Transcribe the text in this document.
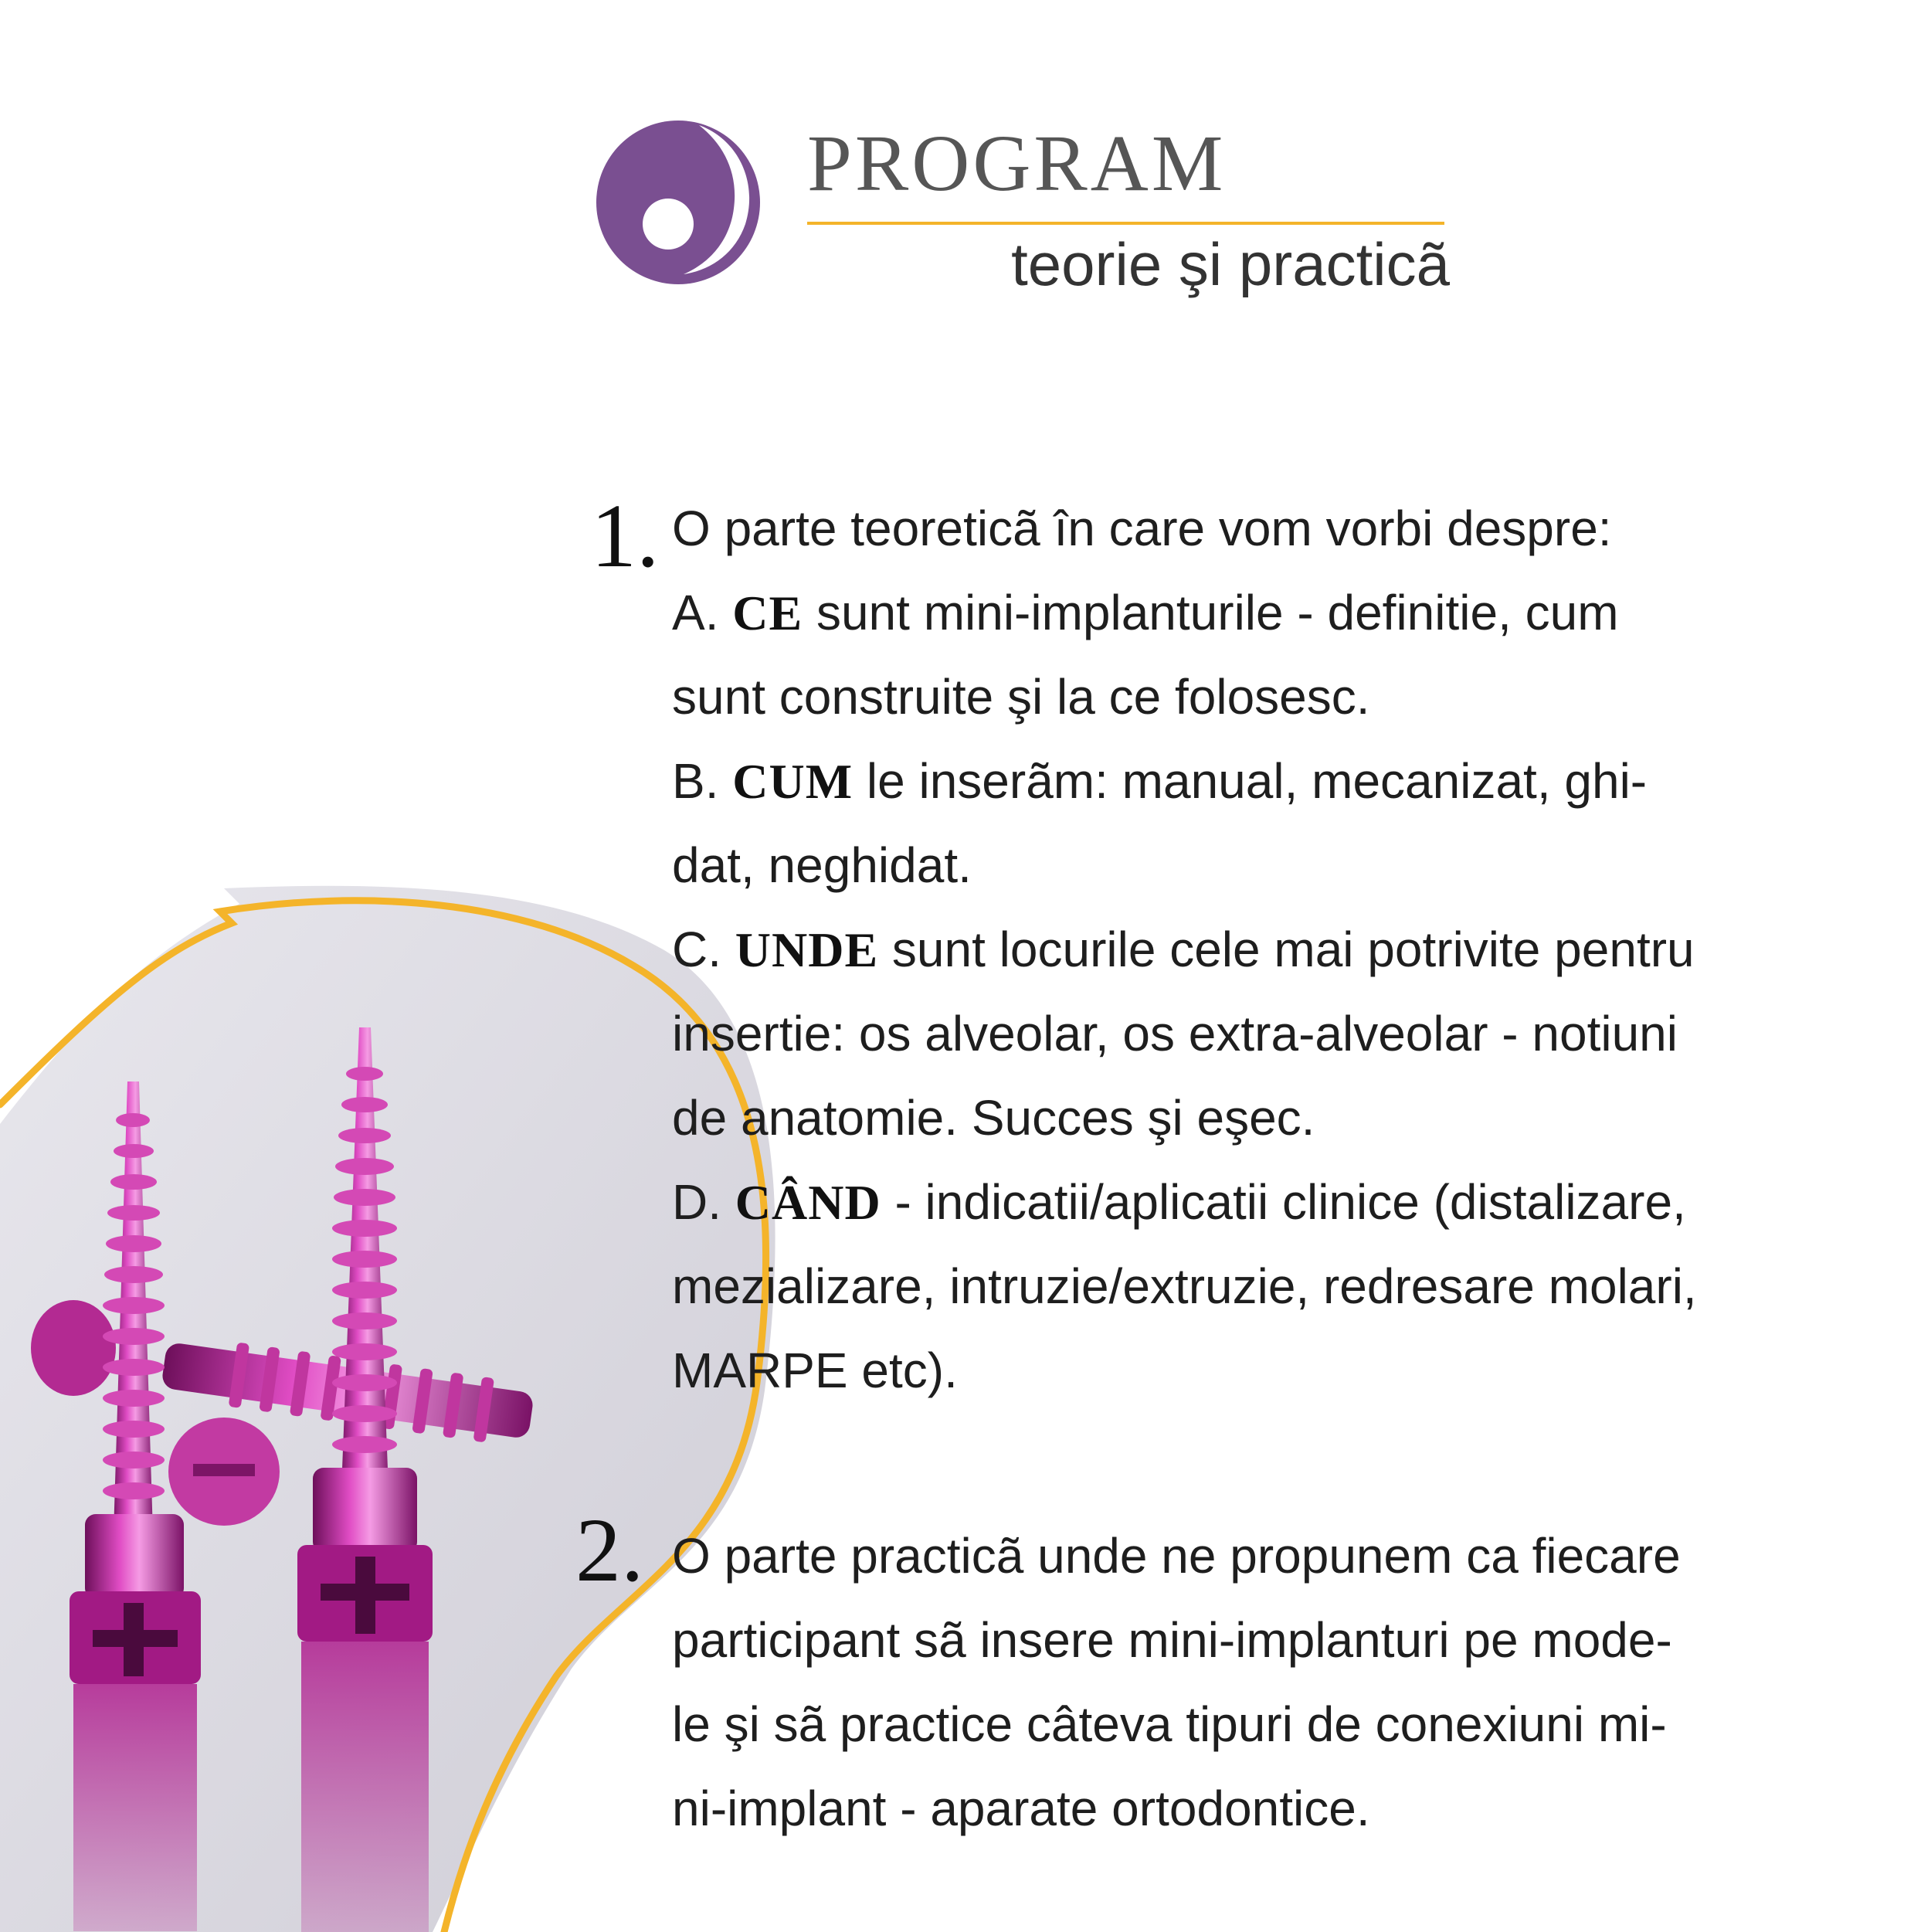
PROGRAM
teorie şi practicã
1. O parte teoreticã în care vom vorbi despre:
A. CE sunt mini-implanturile - definitie, cum
sunt construite şi la ce folosesc.
B. CUM le inserãm: manual, mecanizat, ghi-
dat, neghidat.
C. UNDE sunt locurile cele mai potrivite pentru
insertie: os alveolar, os extra-alveolar - notiuni
de anatomie. Succes şi eşec.
D. CÂND - indicatii/aplicatii clinice (distalizare,
mezializare, intruzie/extruzie, redresare molari,
MARPE etc).

2. O parte practicã unde ne propunem ca fiecare
participant sã insere mini-implanturi pe mode-
le şi sã practice câteva tipuri de conexiuni mi-
ni-implant - aparate ortodontice.
